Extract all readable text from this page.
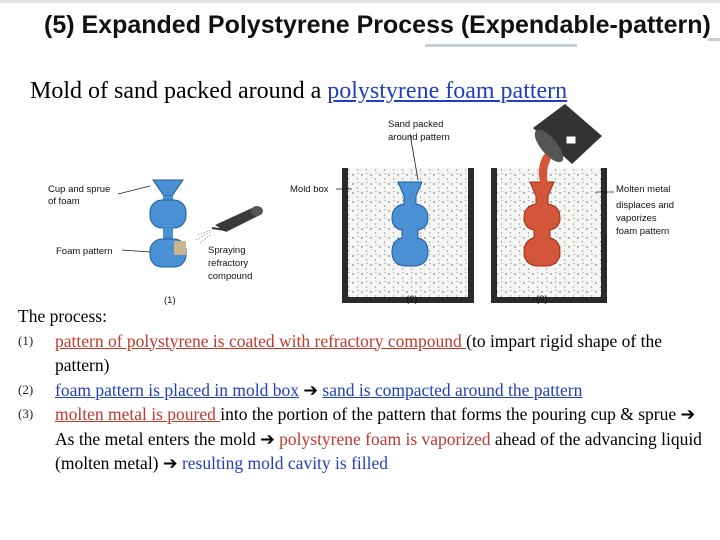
(5) Expanded Polystyrene Process (Expendable-pattern)
Mold of sand packed around a polystyrene foam pattern
Cup and sprue
of foam
Foam pattern	Spraying
refractory
compound
Mold box
Sand packed
around pattern
Molten metal
displaces and
vaporizes
foam pattern
(1)	(2)	(3)

The process:

(1) pattern of polystyrene is coated with refractory compound (to impart rigid shape of the pattern)

(2) foam pattern is placed in mold box ➔ sand is compacted around the pattern

(3) molten metal is poured into the portion of the pattern that forms the pouring cup & sprue ➔ As the metal enters the mold ➔ polystyrene foam is vaporized ahead of the advancing liquid (molten metal) ➔ resulting mold cavity is filled
